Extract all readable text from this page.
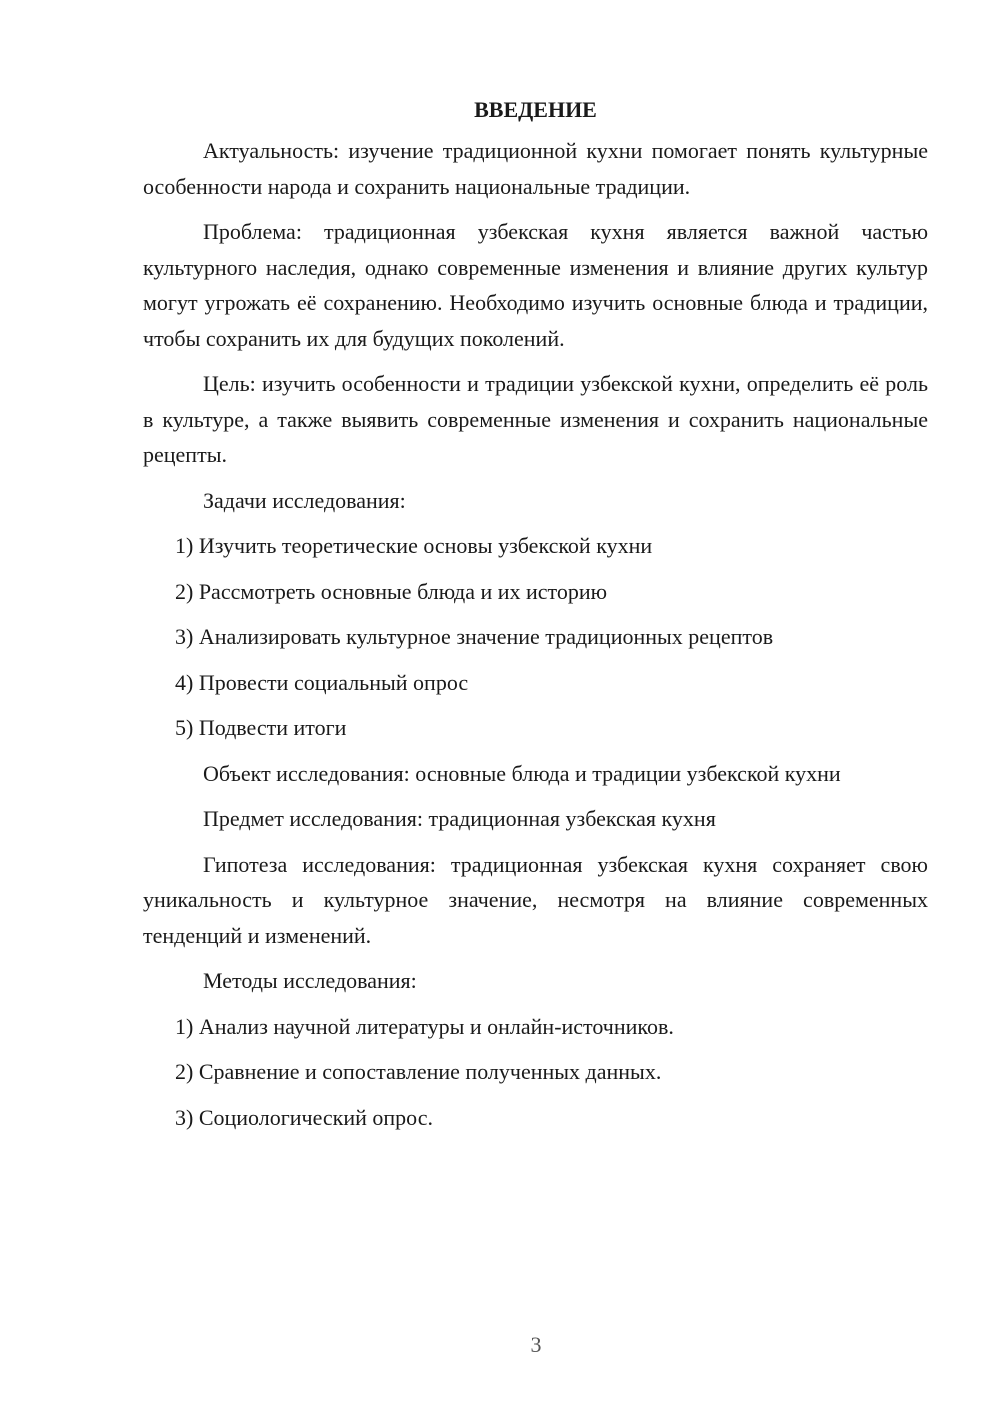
ВВЕДЕНИЕ

Актуальность: изучение традиционной кухни помогает понять культурные особенности народа и сохранить национальные традиции.

Проблема: традиционная узбекская кухня является важной частью культурного наследия, однако современные изменения и влияние других культур могут угрожать её сохранению. Необходимо изучить основные блюда и традиции, чтобы сохранить их для будущих поколений.

Цель: изучить особенности и традиции узбекской кухни, определить её роль в культуре, а также выявить современные изменения и сохранить национальные рецепты.

Задачи исследования:

1) Изучить теоретические основы узбекской кухни
2) Рассмотреть основные блюда и их историю
3) Анализировать культурное значение традиционных рецептов
4) Провести социальный опрос
5) Подвести итоги

Объект исследования: основные блюда и традиции узбекской кухни

Предмет исследования: традиционная узбекская кухня

Гипотеза исследования: традиционная узбекская кухня сохраняет свою уникальность и культурное значение, несмотря на влияние современных тенденций и изменений.

Методы исследования:

1) Анализ научной литературы и онлайн-источников.
2) Сравнение и сопоставление полученных данных.
3) Социологический опрос.
3
